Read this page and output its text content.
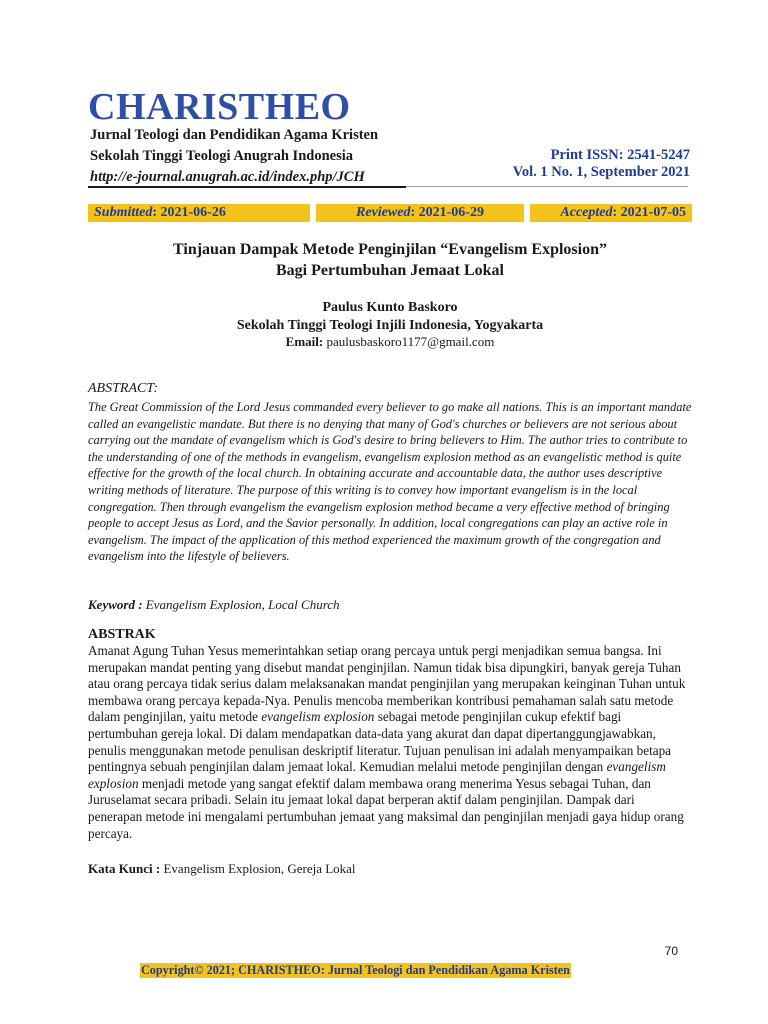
CHARISTHEO
Jurnal Teologi dan Pendidikan Agama Kristen
Sekolah Tinggi Teologi Anugrah Indonesia
http://e-journal.anugrah.ac.id/index.php/JCH
Print ISSN: 2541-5247
Vol. 1 No. 1, September 2021
Submitted: 2021-06-26	Reviewed: 2021-06-29	Accepted: 2021-07-05
Tinjauan Dampak Metode Penginjilan “Evangelism Explosion”
Bagi Pertumbuhan Jemaat Lokal
Paulus Kunto Baskoro
Sekolah Tinggi Teologi Injili Indonesia, Yogyakarta
Email: paulusbaskoro1177@gmail.com
ABSTRACT:
The Great Commission of the Lord Jesus commanded every believer to go make all nations. This is an important mandate called an evangelistic mandate. But there is no denying that many of God's churches or believers are not serious about carrying out the mandate of evangelism which is God's desire to bring believers to Him. The author tries to contribute to the understanding of one of the methods in evangelism, evangelism explosion method as an evangelistic method is quite effective for the growth of the local church. In obtaining accurate and accountable data, the author uses descriptive writing methods of literature. The purpose of this writing is to convey how important evangelism is in the local congregation. Then through evangelism the evangelism explosion method became a very effective method of bringing people to accept Jesus as Lord, and the Savior personally. In addition, local congregations can play an active role in evangelism. The impact of the application of this method experienced the maximum growth of the congregation and evangelism into the lifestyle of believers.
Keyword : Evangelism Explosion, Local Church
ABSTRAK
Amanat Agung Tuhan Yesus memerintahkan setiap orang percaya untuk pergi menjadikan semua bangsa. Ini merupakan mandat penting yang disebut mandat penginjilan. Namun tidak bisa dipungkiri, banyak gereja Tuhan atau orang percaya tidak serius dalam melaksanakan mandat penginjilan yang merupakan keinginan Tuhan untuk membawa orang percaya kepada-Nya. Penulis mencoba memberikan kontribusi pemahaman salah satu metode dalam penginjilan, yaitu metode evangelism explosion sebagai metode penginjilan cukup efektif bagi pertumbuhan gereja lokal. Di dalam mendapatkan data-data yang akurat dan dapat dipertanggungjawabkan, penulis menggunakan metode penulisan deskriptif literatur. Tujuan penulisan ini adalah menyampaikan betapa pentingnya sebuah penginjilan dalam jemaat lokal. Kemudian melalui metode penginjilan dengan evangelism explosion menjadi metode yang sangat efektif dalam membawa orang menerima Yesus sebagai Tuhan, dan Juruselamat secara pribadi. Selain itu jemaat lokal dapat berperan aktif dalam penginjilan. Dampak dari penerapan metode ini mengalami pertumbuhan jemaat yang maksimal dan penginjilan menjadi gaya hidup orang percaya.
Kata Kunci : Evangelism Explosion, Gereja Lokal
70
Copyright© 2021; CHARISTHEO: Jurnal Teologi dan Pendidikan Agama Kristen
